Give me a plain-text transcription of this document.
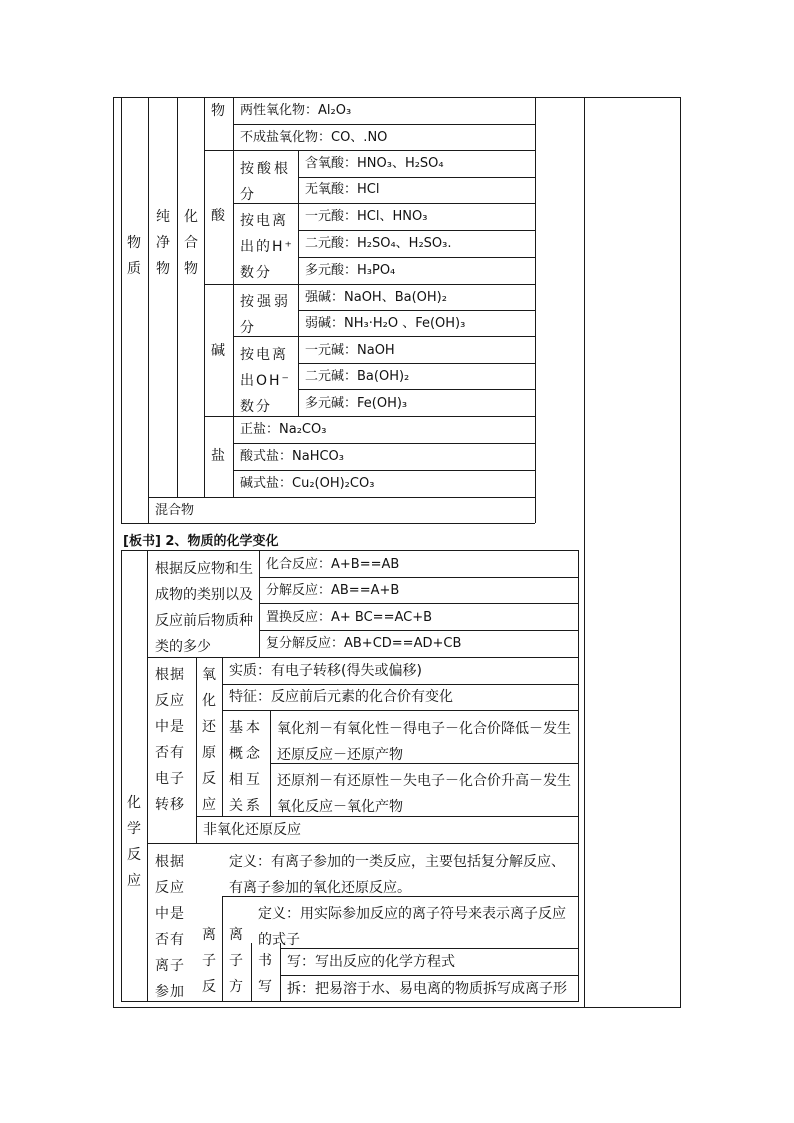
物质
纯净物
化合物
物 两性氧化物：Al₂O₃
不成盐氧化物：CO、.NO
酸
按酸根分
含氧酸：HNO₃、H₂SO₄
无氧酸：HCl
按电离出的H⁺数分
一元酸：HCl、HNO₃
二元酸：H₂SO₄、H₂SO₃.
多元酸：H₃PO₄
碱
按强弱分
强碱：NaOH、Ba(OH)₂
弱碱：NH₃·H₂O 、Fe(OH)₃
按电离出OH⁻数分
一元碱：NaOH
二元碱：Ba(OH)₂
多元碱：Fe(OH)₃
盐
正盐：Na₂CO₃
酸式盐：NaHCO₃
碱式盐：Cu₂(OH)₂CO₃
混合物
[板书] 2、物质的化学变化
化学反应
根据反应物和生成物的类别以及反应前后物质种类的多少
化合反应：A+B==AB
分解反应：AB==A+B
置换反应：A+ BC==AC+B
复分解反应：AB+CD==AD+CB
根据反应中是否有电子转移
氧化还原反应
实质：有电子转移(得失或偏移)
特征：反应前后元素的化合价有变化
基本概念相互关系
氧化剂－有氧化性－得电子－化合价降低－发生还原反应－还原产物
还原剂－有还原性－失电子－化合价升高－发生氧化反应－氧化产物
非氧化还原反应
根据反应中是否有离子参加
离子反
定义：有离子参加的一类反应，主要包括复分解反应、有离子参加的氧化还原反应。
离子方
定义：用实际参加反应的离子符号来表示离子反应的式子
书写
写：写出反应的化学方程式
拆：把易溶于水、易电离的物质拆写成离子形
